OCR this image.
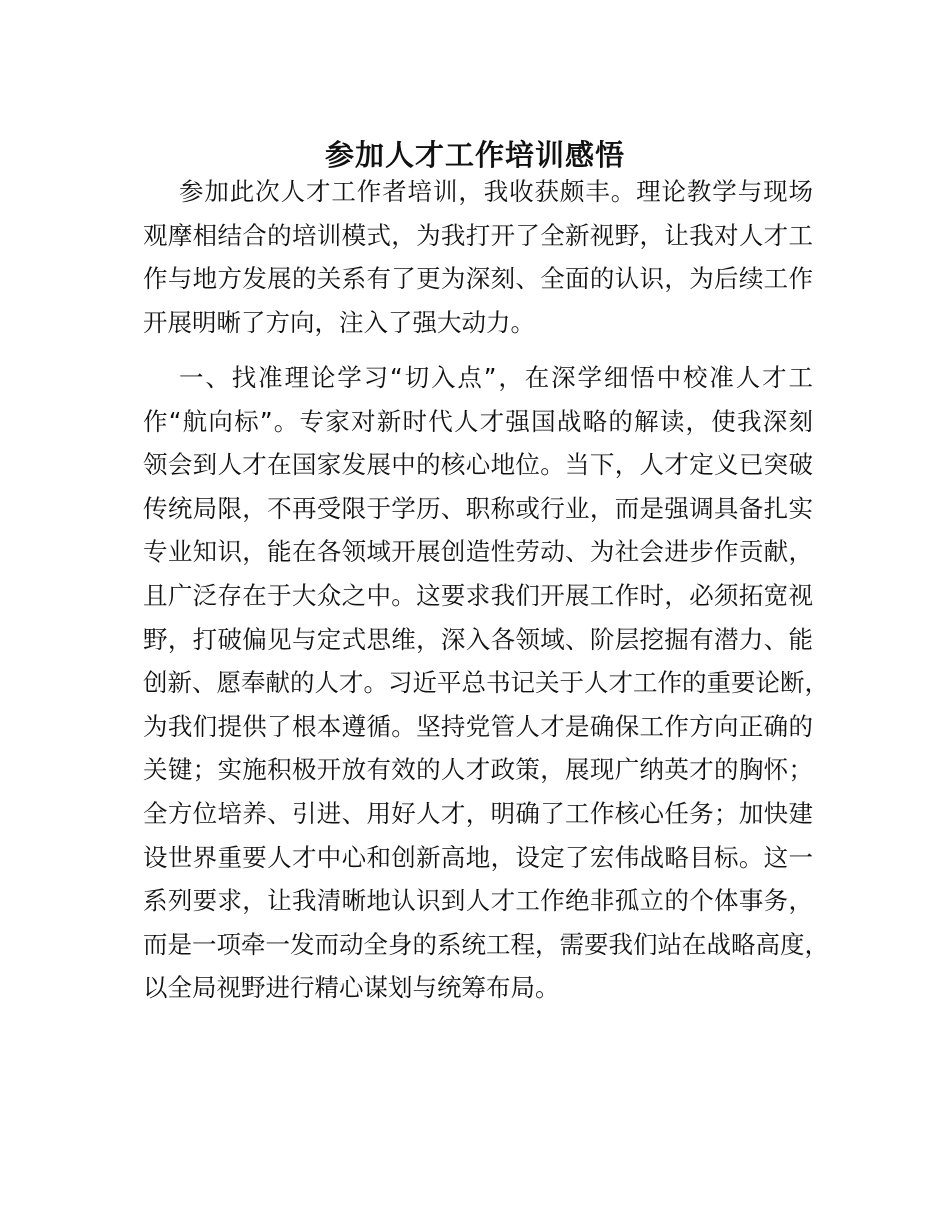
参加人才工作培训感悟
参加此次人才工作者培训，我收获颇丰。理论教学与现场
观摩相结合的培训模式，为我打开了全新视野，让我对人才工
作与地方发展的关系有了更为深刻、全面的认识，为后续工作
开展明晰了方向，注入了强大动力。
一、找准理论学习“切入点”，在深学细悟中校准人才工
作“航向标”。专家对新时代人才强国战略的解读，使我深刻
领会到人才在国家发展中的核心地位。当下，人才定义已突破
传统局限，不再受限于学历、职称或行业，而是强调具备扎实
专业知识，能在各领域开展创造性劳动、为社会进步作贡献，
且广泛存在于大众之中。这要求我们开展工作时，必须拓宽视
野，打破偏见与定式思维，深入各领域、阶层挖掘有潜力、能
创新、愿奉献的人才。习近平总书记关于人才工作的重要论断，
为我们提供了根本遵循。坚持党管人才是确保工作方向正确的
关键；实施积极开放有效的人才政策，展现广纳英才的胸怀；
全方位培养、引进、用好人才，明确了工作核心任务；加快建
设世界重要人才中心和创新高地，设定了宏伟战略目标。这一
系列要求，让我清晰地认识到人才工作绝非孤立的个体事务，
而是一项牵一发而动全身的系统工程，需要我们站在战略高度，
以全局视野进行精心谋划与统筹布局。
